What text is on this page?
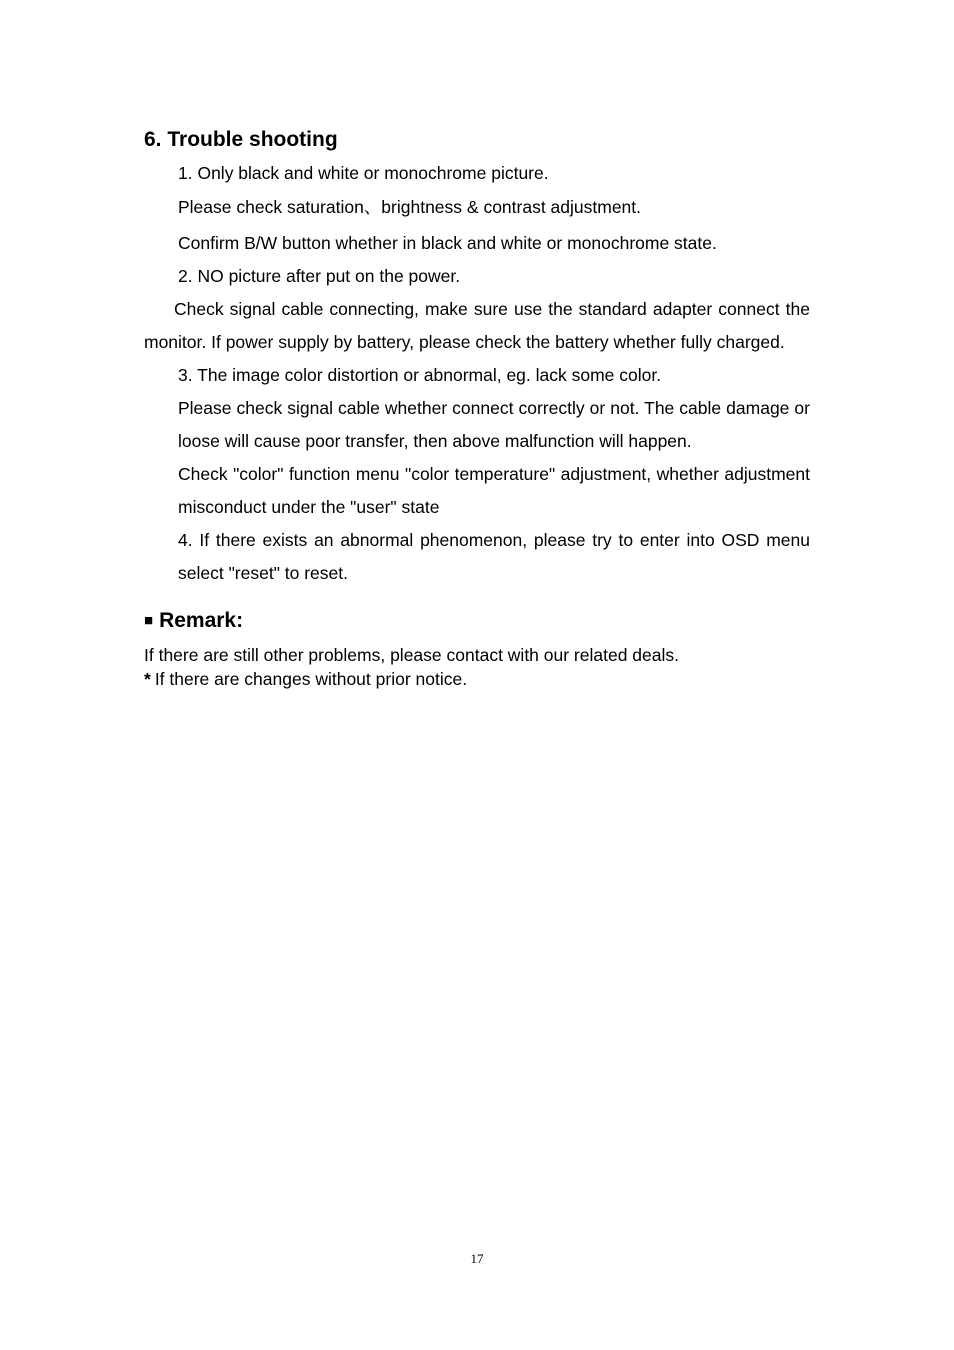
6. Trouble shooting

1. Only black and white or monochrome picture.

Please check saturation、brightness & contrast adjustment.

Confirm B/W button whether in black and white or monochrome state.

2. NO picture after put on the power.

Check signal cable connecting, make sure use the standard adapter connect the monitor. If power supply by battery, please check the battery whether fully charged.

3. The image color distortion or abnormal, eg. lack some color.

Please check signal cable whether connect correctly or not. The cable damage or loose will cause poor transfer, then above malfunction will happen.

Check "color" function menu "color temperature" adjustment, whether adjustment misconduct under the "user" state

4. If there exists an abnormal phenomenon, please try to enter into OSD menu select "reset" to reset.

■ Remark:

If there are still other problems, please contact with our related deals.

* If there are changes without prior notice.

17
